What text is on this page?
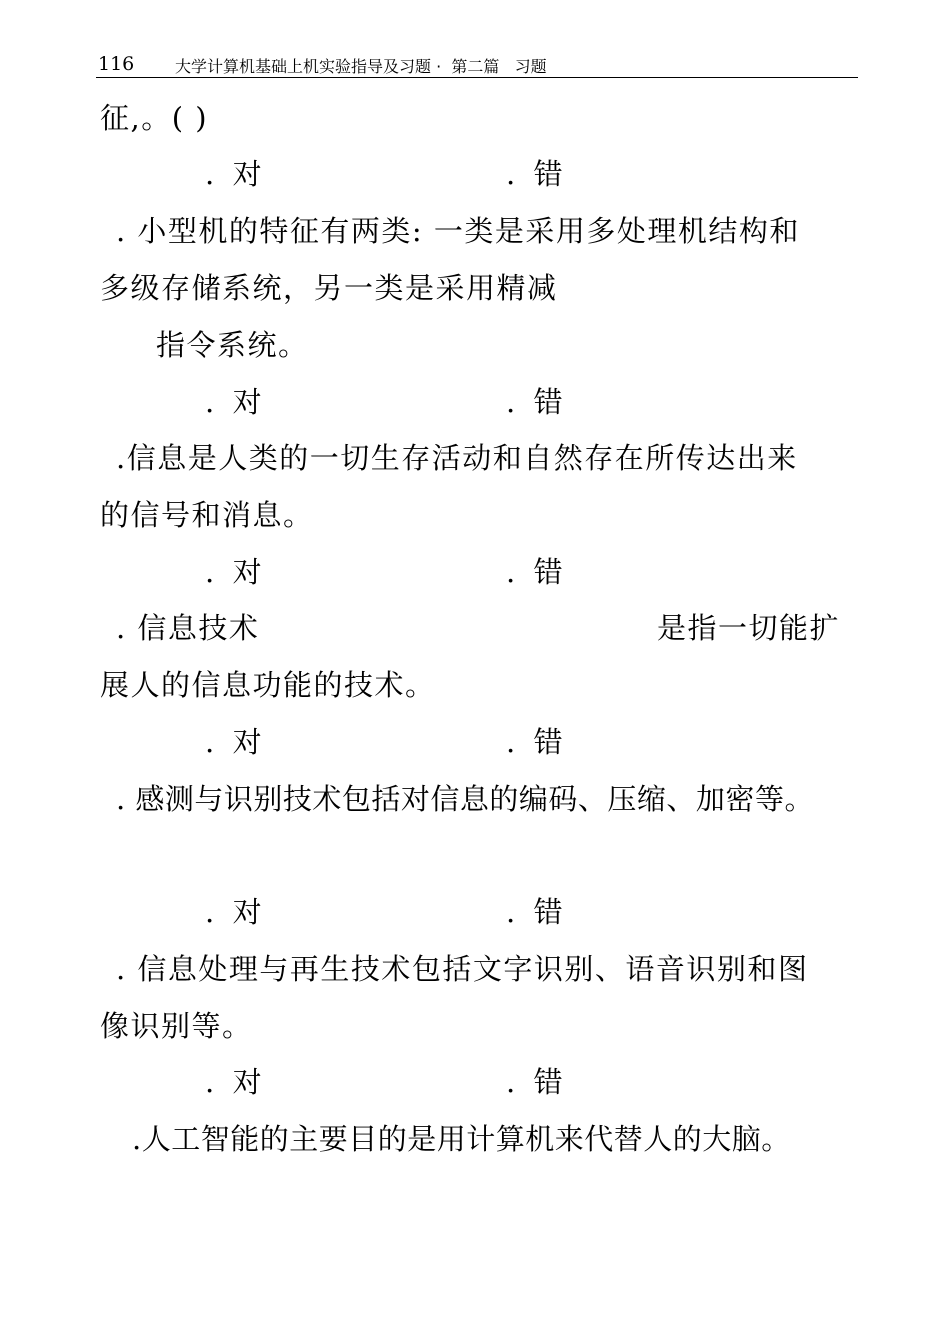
116	大学计算机基础上机实验指导及习题 ·  第二篇   习题
征,。( )
.  对	.  错
. 小型机的特征有两类: 一类是采用多处理机结构和
多级存储系统，另一类是采用精减
指令系统。
.  对	.  错
.信息是人类的一切生存活动和自然存在所传达出来
的信号和消息。
.  对	.  错
. 信息技术	是指一切能扩
展人的信息功能的技术。
.  对	.  错
. 感测与识别技术包括对信息的编码、压缩、加密等。
.  对	.  错
. 信息处理与再生技术包括文字识别、语音识别和图
像识别等。
.  对	.  错
.人工智能的主要目的是用计算机来代替人的大脑。
